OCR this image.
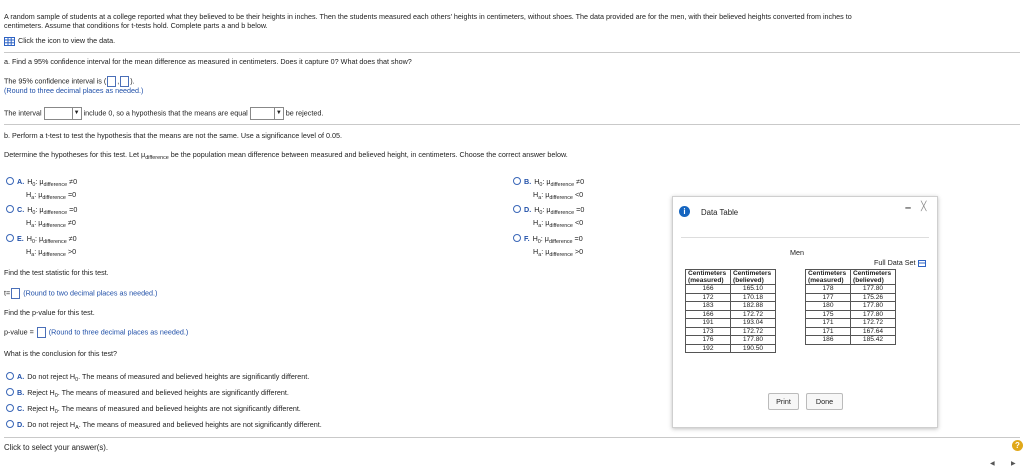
A random sample of students at a college reported what they believed to be their heights in inches. Then the students measured each others' heights in centimeters, without shoes. The data provided are for the men, with their believed heights converted from inches to
centimeters. Assume that conditions for t-tests hold. Complete parts a and b below.
Click the icon to view the data.
a. Find a 95% confidence interval for the mean difference as measured in centimeters. Does it capture 0? What does that show?
The 95% confidence interval is ( , ).
(Round to three decimal places as needed.)
The interval	▼ include 0, so a hypothesis that the means are equal	▼ be rejected.
b. Perform a t-test to test the hypothesis that the means are not the same. Use a significance level of 0.05.
Determine the hypotheses for this test. Let $\mu_{difference}$ be the population mean difference between measured and believed height, in centimeters. Choose the correct answer below.
A. $H_0$: $\mu_{difference} \ne 0$
$H_a$: $\mu_{difference} =0$
B. $H_0$: $\mu_{difference} \ne 0$
$H_a$: $\mu_{difference} <0$
C. $H_0$: $\mu_{difference} =0$
$H_a$: $\mu_{difference} \ne 0$
D. $H_0$: $\mu_{difference} =0$
$H_a$: $\mu_{difference} <0$
E. $H_0$: $\mu_{difference} \ne 0$
$H_a$: $\mu_{difference} >0$
F. $H_0$: $\mu_{difference} =0$
$H_a$: $\mu_{difference} >0$
Find the test statistic for this test.
t= (Round to two decimal places as needed.)
Find the p-value for this test.
p-value = (Round to three decimal places as needed.)
What is the conclusion for this test?
A. Do not reject $H_0$. The means of measured and believed heights are significantly different.
B. Reject $H_0$. The means of measured and believed heights are significantly different.
C. Reject $H_0$. The means of measured and believed heights are not significantly different.
D. Do not reject $H_A$. The means of measured and believed heights are not significantly different.
Click to select your answer(s).	?
◀	▶
i	Data Table	– ╳
Men
Full Data Set
Centimeters (measured)	Centimeters (believed)
166	165.10
172	170.18
183	182.88
166	172.72
191	193.04
173	172.72
176	177.80
192	190.50
Centimeters (measured)	Centimeters (believed)
178	177.80
177	175.26
180	177.80
175	177.80
171	172.72
171	167.64
186	185.42
Print	Done
